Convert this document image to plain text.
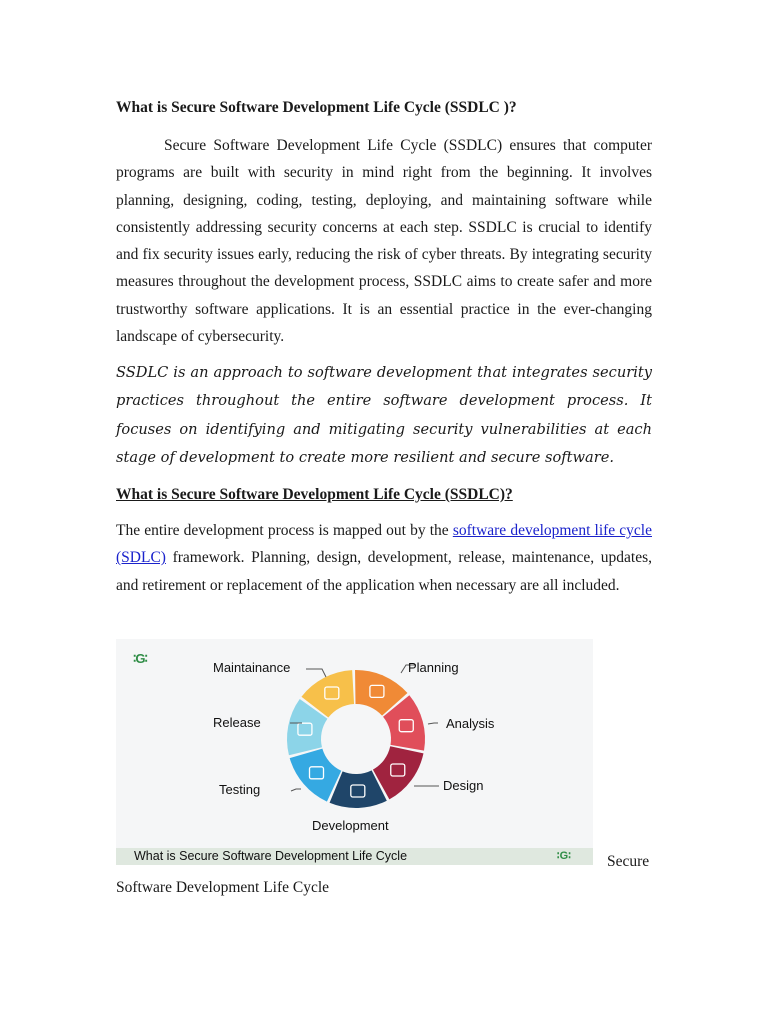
What is Secure Software Development Life Cycle (SSDLC )?

Secure Software Development Life Cycle (SSDLC) ensures that computer programs are built with security in mind right from the beginning. It involves planning, designing, coding, testing, deploying, and maintaining software while consistently addressing security concerns at each step. SSDLC is crucial to identify and fix security issues early, reducing the risk of cyber threats. By integrating security measures throughout the development process, SSDLC aims to create safer and more trustworthy software applications. It is an essential practice in the ever-changing landscape of cybersecurity.

SSDLC is an approach to software development that integrates security practices throughout the entire software development process. It focuses on identifying and mitigating security vulnerabilities at each stage of development to create more resilient and secure software.

What is Secure Software Development Life Cycle (SSDLC)?

The entire development process is mapped out by the software development life cycle (SDLC) framework. Planning, design, development, release, maintenance, updates, and retirement or replacement of the application when necessary are all included.

Planning
Analysis
Design
Development
Testing
Release
Maintainance
∶G∶
What is Secure Software Development Life Cycle	∶G∶ Secure
Software Development Life Cycle
